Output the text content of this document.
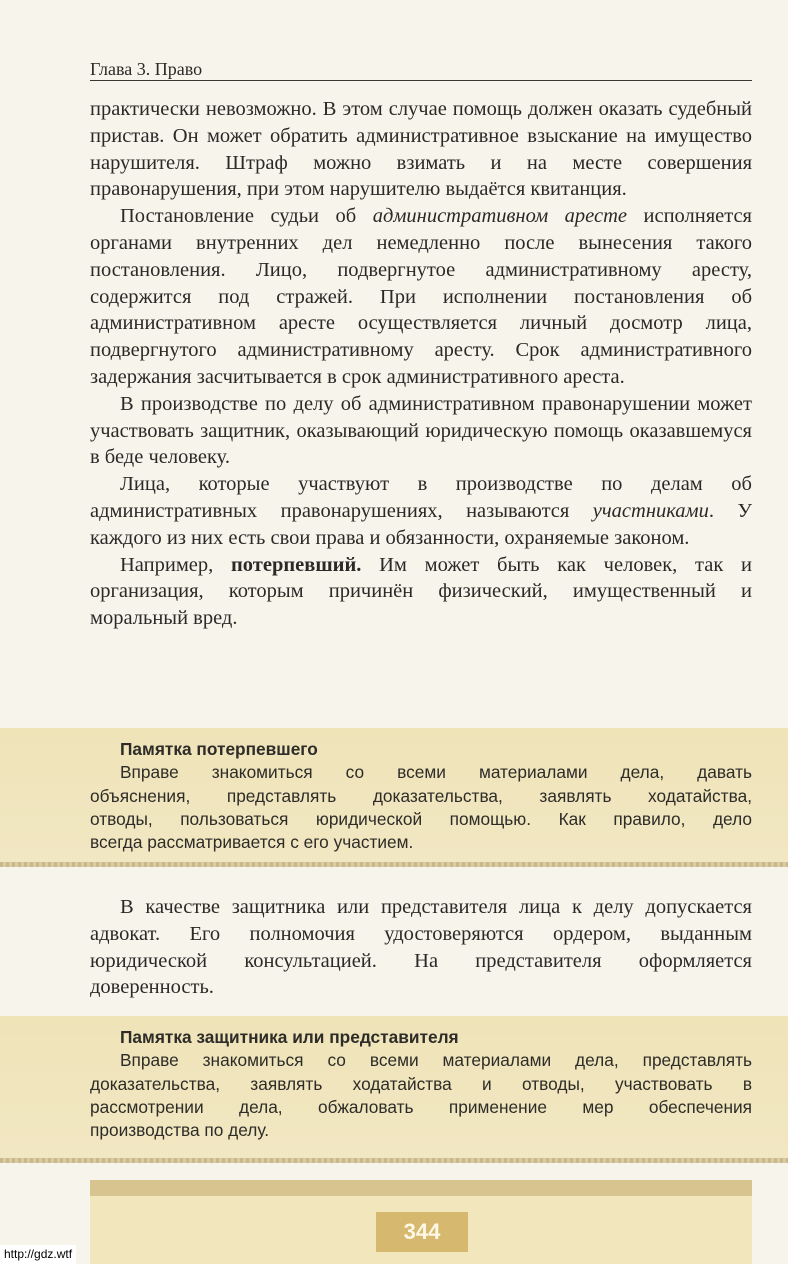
Глава 3. Право

практически невозможно. В этом случае помощь должен оказать судебный пристав. Он может обратить административное взыскание на имущество нарушителя. Штраф можно взимать и на месте совершения правонарушения, при этом нарушителю выдаётся квитанция.

Постановление судьи об административном аресте исполняется органами внутренних дел немедленно после вынесения такого постановления. Лицо, подвергнутое административному аресту, содержится под стражей. При исполнении постановления об административном аресте осуществляется личный досмотр лица, подвергнутого административному аресту. Срок административного задержания засчитывается в срок административного ареста.

В производстве по делу об административном правонарушении может участвовать защитник, оказывающий юридическую помощь оказавшемуся в беде человеку.

Лица, которые участвуют в производстве по делам об административных правонарушениях, называются участниками. У каждого из них есть свои права и обязанности, охраняемые законом.

Например, потерпевший. Им может быть как человек, так и организация, которым причинён физический, имущественный и моральный вред.

Памятка потерпевшего
Вправе знакомиться со всеми материалами дела, давать
объяснения, представлять доказательства, заявлять ходатайства,
отводы, пользоваться юридической помощью. Как правило, дело
всегда рассматривается с его участием.

В качестве защитника или представителя лица к делу допускается адвокат. Его полномочия удостоверяются ордером, выданным юридической консультацией. На представителя оформляется доверенность.

Памятка защитника или представителя
Вправе знакомиться со всеми материалами дела, представлять
доказательства, заявлять ходатайства и отводы, участвовать в
рассмотрении дела, обжаловать применение мер обеспечения
производства по делу.
344
http://gdz.wtf
